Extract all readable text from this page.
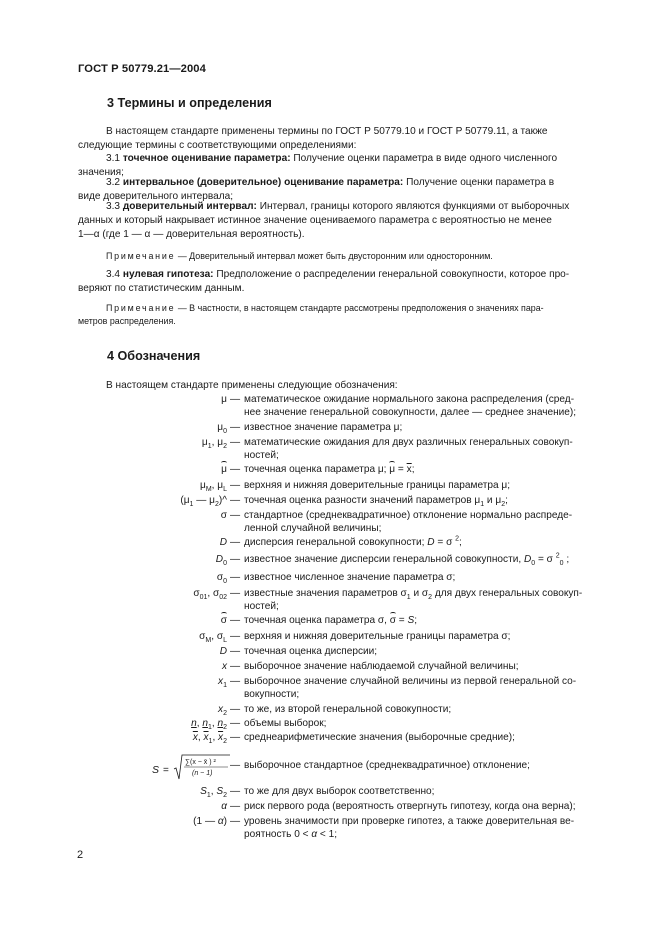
ГОСТ Р 50779.21—2004
3 Термины и определения
В настоящем стандарте применены термины по ГОСТ Р 50779.10 и ГОСТ Р 50779.11, а также
следующие термины с соответствующими определениями:
3.1 точечное оценивание параметра: Получение оценки параметра в виде одного численного
значения;
3.2 интервальное (доверительное) оценивание параметра: Получение оценки параметра в
виде доверительного интервала;
3.3 доверительный интервал: Интервал, границы которого являются функциями от выборочных
данных и который накрывает истинное значение оцениваемого параметра с вероятностью не менее
1—α (где 1 — α — доверительная вероятность).
Примечание — Доверительный интервал может быть двусторонним или односторонним.
3.4 нулевая гипотеза: Предположение о распределении генеральной совокупности, которое про-
веряют по статистическим данным.
Примечание — В частности, в настоящем стандарте рассмотрены предположения о значениях пара-
метров распределения.
4 Обозначения
В настоящем стандарте применены следующие обозначения:
μ — математическое ожидание нормального закона распределения (сред-
нее значение генеральной совокупности, далее — среднее значение);
$\mu_0$ — известное значение параметра μ;
$\mu_1$, $\mu_2$ — математические ожидания для двух различных генеральных совокуп-
ностей;
μ — точечная оценка параметра μ; $\mu = \overline{x}$;
$\mu_M$, $\mu_L$ — верхняя и нижняя доверительные границы параметра μ;
($\mu_1$ — $\mu_2)\^{}$ — точечная оценка разности значений параметров $\mu_1$ и $\mu_2$;
σ — стандартное (среднеквадратичное) отклонение нормально распреде-
ленной случайной величины;
D — дисперсия генеральной совокупности; D = σ $^2$;
$D_0$ — известное значение дисперсии генеральной совокупности, $D_0 = \sigma$ $^2_0$ ;
$\sigma_0$ — известное численное значение параметра σ;
$\sigma_{01}$, $\sigma_{02}$ — известные значения параметров $\sigma_1$ и $\sigma_2$ для двух генеральных совокуп-
ностей;
σ — точечная оценка параметра σ, σ = S;
$\sigma_M$, $\sigma_L$ — верхняя и нижняя доверительные границы параметра σ;
D — точечная оценка дисперсии;
x — выборочное значение наблюдаемой случайной величины;
$x_1$ — выборочное значение случайной величины из первой генеральной со-
вокупности;
$x_2$ — то же, из второй генеральной совокупности;
n, $n_1$, $n_2$ — объемы выборок;
$\overline{x}$, $\overline{x}_1$, $\overline{x}_2$ — среднеарифметические значения (выборочные средние);
S =
∑(x − x̄ ) ²
(n − 1)
— выборочное стандартное (среднеквадратичное) отклонение;
$S_1$, $S_2$ — то же для двух выборок соответственно;
α — риск первого рода (вероятность отвергнуть гипотезу, когда она верна);
(1 — α) — уровень значимости при проверке гипотез, а также доверительная ве-
роятность 0 < α < 1;
2
